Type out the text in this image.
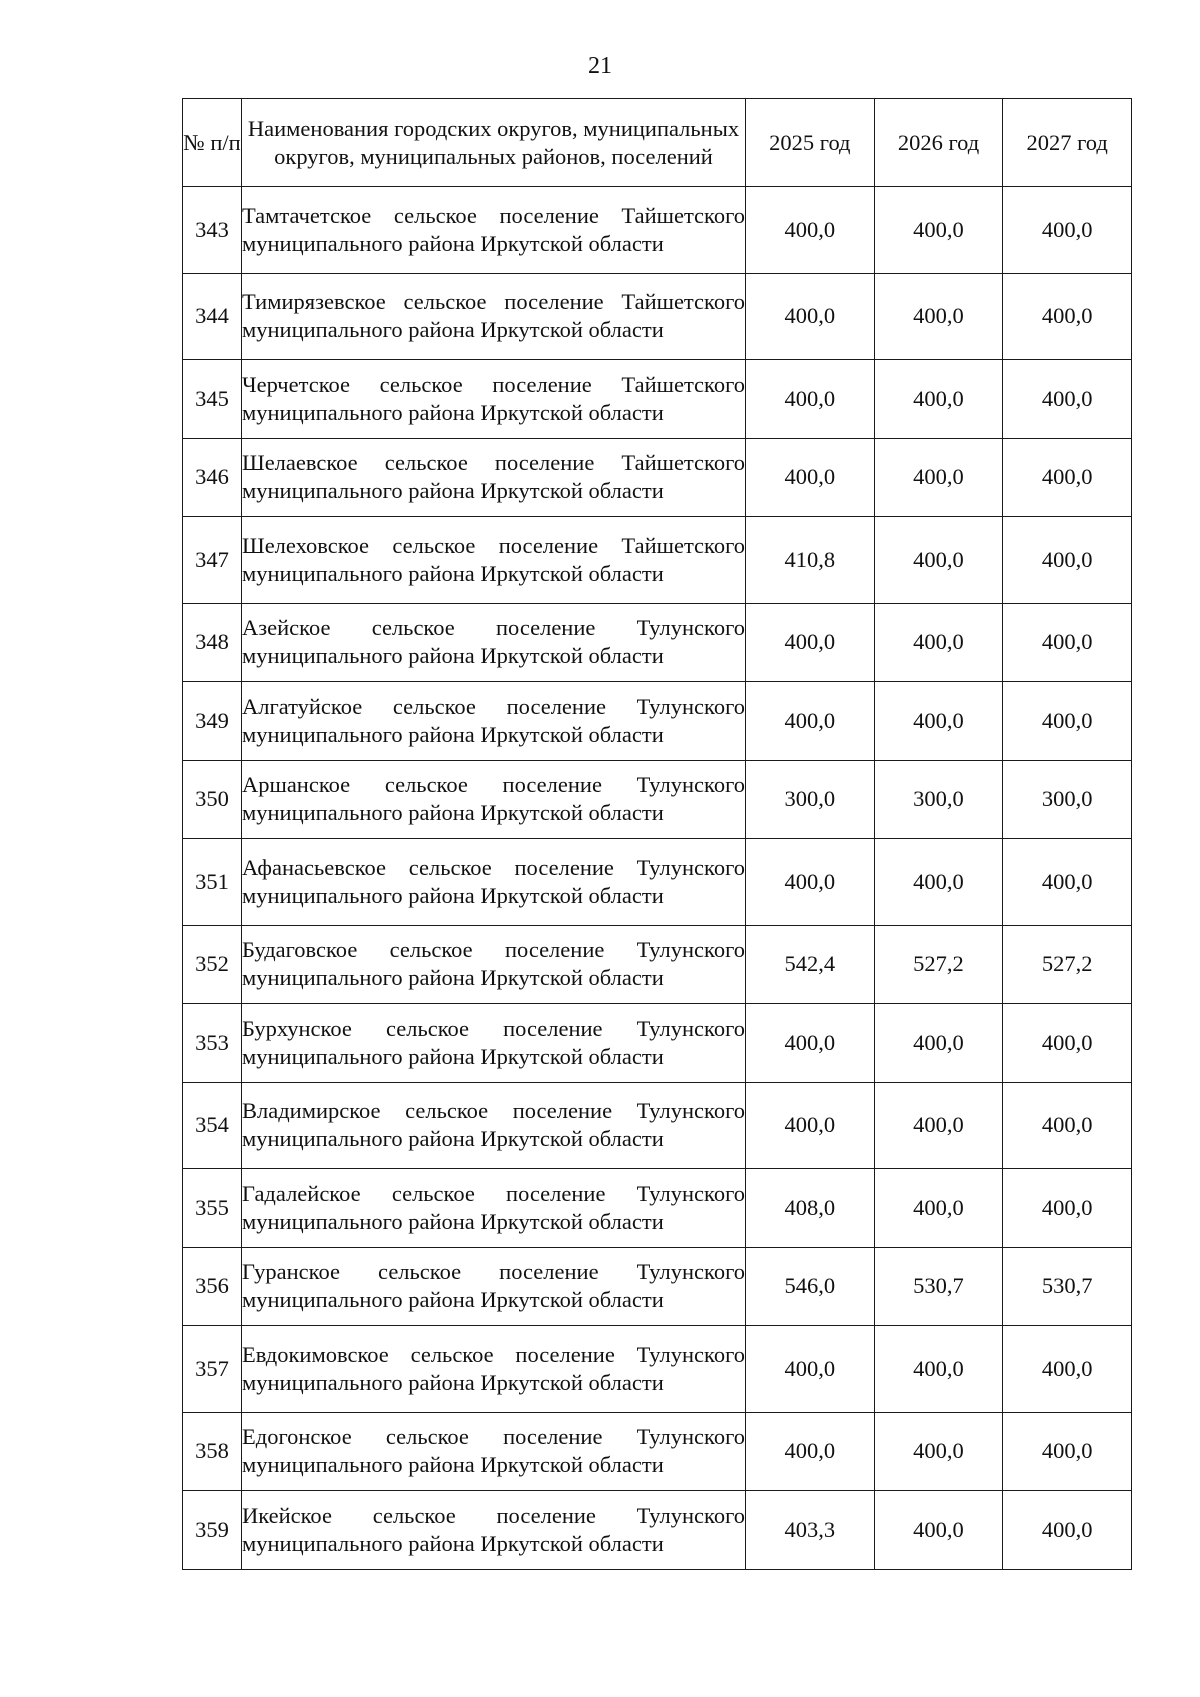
21
№ п/п	Наименования городских округов, муниципальных округов, муниципальных районов, поселений	2025 год	2026 год	2027 год
343	Тамтачетское сельское поселение Тайшетского муниципального района Иркутской области	400,0	400,0	400,0
344	Тимирязевское сельское поселение Тайшетского муниципального района Иркутской области	400,0	400,0	400,0
345	Черчетское сельское поселение Тайшетского муниципального района Иркутской области	400,0	400,0	400,0
346	Шелаевское сельское поселение Тайшетского муниципального района Иркутской области	400,0	400,0	400,0
347	Шелеховское сельское поселение Тайшетского муниципального района Иркутской области	410,8	400,0	400,0
348	Азейское сельское поселение Тулунского муниципального района Иркутской области	400,0	400,0	400,0
349	Алгатуйское сельское поселение Тулунского муниципального района Иркутской области	400,0	400,0	400,0
350	Аршанское сельское поселение Тулунского муниципального района Иркутской области	300,0	300,0	300,0
351	Афанасьевское сельское поселение Тулунского муниципального района Иркутской области	400,0	400,0	400,0
352	Будаговское сельское поселение Тулунского муниципального района Иркутской области	542,4	527,2	527,2
353	Бурхунское сельское поселение Тулунского муниципального района Иркутской области	400,0	400,0	400,0
354	Владимирское сельское поселение Тулунского муниципального района Иркутской области	400,0	400,0	400,0
355	Гадалейское сельское поселение Тулунского муниципального района Иркутской области	408,0	400,0	400,0
356	Гуранское сельское поселение Тулунского муниципального района Иркутской области	546,0	530,7	530,7
357	Евдокимовское сельское поселение Тулунского муниципального района Иркутской области	400,0	400,0	400,0
358	Едогонское сельское поселение Тулунского муниципального района Иркутской области	400,0	400,0	400,0
359	Икейское сельское поселение Тулунского муниципального района Иркутской области	403,3	400,0	400,0
